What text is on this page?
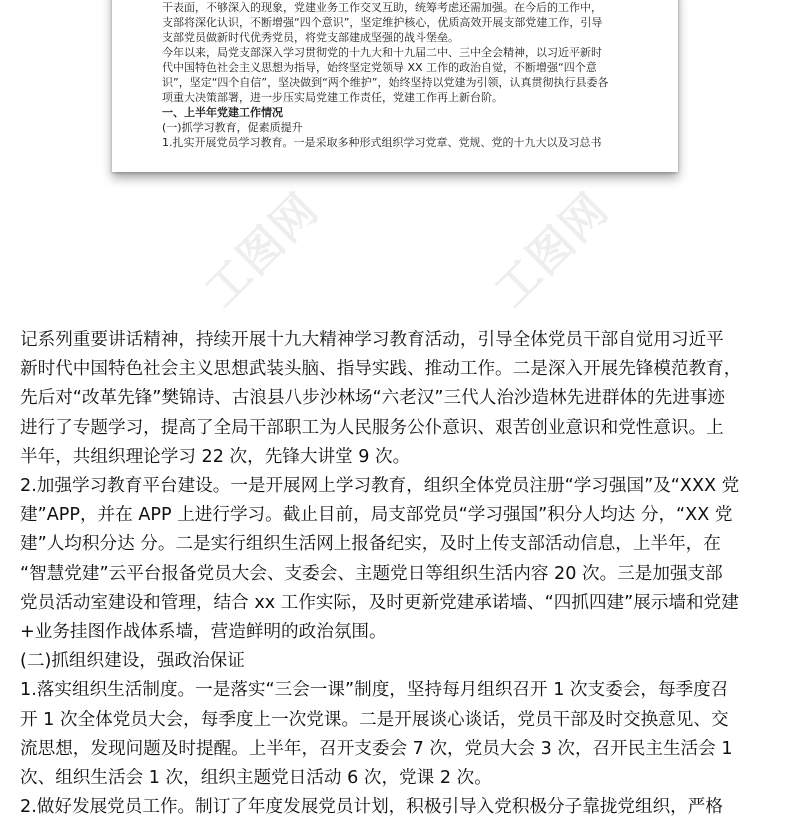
干表面，不够深入的现象，党建业务工作交叉互助，统筹考虑还需加强。在今后的工作中，

支部将深化认识，不断增强“四个意识”，坚定维护核心，优质高效开展支部党建工作，引导

支部党员做新时代优秀党员，将党支部建成坚强的战斗堡垒。

今年以来，局党支部深入学习贯彻党的十九大和十九届二中、三中全会精神，以习近平新时

代中国特色社会主义思想为指导，始终坚定党领导 XX 工作的政治自觉，不断增强“四个意

识”，坚定“四个自信”，坚决做到“两个维护”，始终坚持以党建为引领，认真贯彻执行县委各

项重大决策部署，进一步压实局党建工作责任，党建工作再上新台阶。

一、上半年党建工作情况

(一)抓学习教育，促素质提升

1.扎实开展党员学习教育。一是采取多种形式组织学习党章、党规、党的十九大以及习总书

工图网	工图网

记系列重要讲话精神，持续开展十九大精神学习教育活动，引导全体党员干部自觉用习近平

新时代中国特色社会主义思想武装头脑、指导实践、推动工作。二是深入开展先锋模范教育，

先后对“改革先锋”樊锦诗、古浪县八步沙林场“六老汉”三代人治沙造林先进群体的先进事迹

进行了专题学习，提高了全局干部职工为人民服务公仆意识、艰苦创业意识和党性意识。上

半年，共组织理论学习 22 次，先锋大讲堂 9 次。

2.加强学习教育平台建设。一是开展网上学习教育，组织全体党员注册“学习强国”及“XXX 党

建”APP，并在 APP 上进行学习。截止目前，局支部党员“学习强国”积分人均达 分，“XX 党

建”人均积分达 分。二是实行组织生活网上报备纪实，及时上传支部活动信息，上半年，在

“智慧党建”云平台报备党员大会、支委会、主题党日等组织生活内容 20 次。三是加强支部

党员活动室建设和管理，结合 xx 工作实际，及时更新党建承诺墙、“四抓四建”展示墙和党建

+业务挂图作战体系墙，营造鲜明的政治氛围。

(二)抓组织建设，强政治保证

1.落实组织生活制度。一是落实“三会一课”制度，坚持每月组织召开 1 次支委会，每季度召

开 1 次全体党员大会，每季度上一次党课。二是开展谈心谈话，党员干部及时交换意见、交

流思想，发现问题及时提醒。上半年，召开支委会 7 次，党员大会 3 次，召开民主生活会 1

次、组织生活会 1 次，组织主题党日活动 6 次，党课 2 次。

2.做好发展党员工作。制订了年度发展党员计划，积极引导入党积极分子靠拢党组织，严格
